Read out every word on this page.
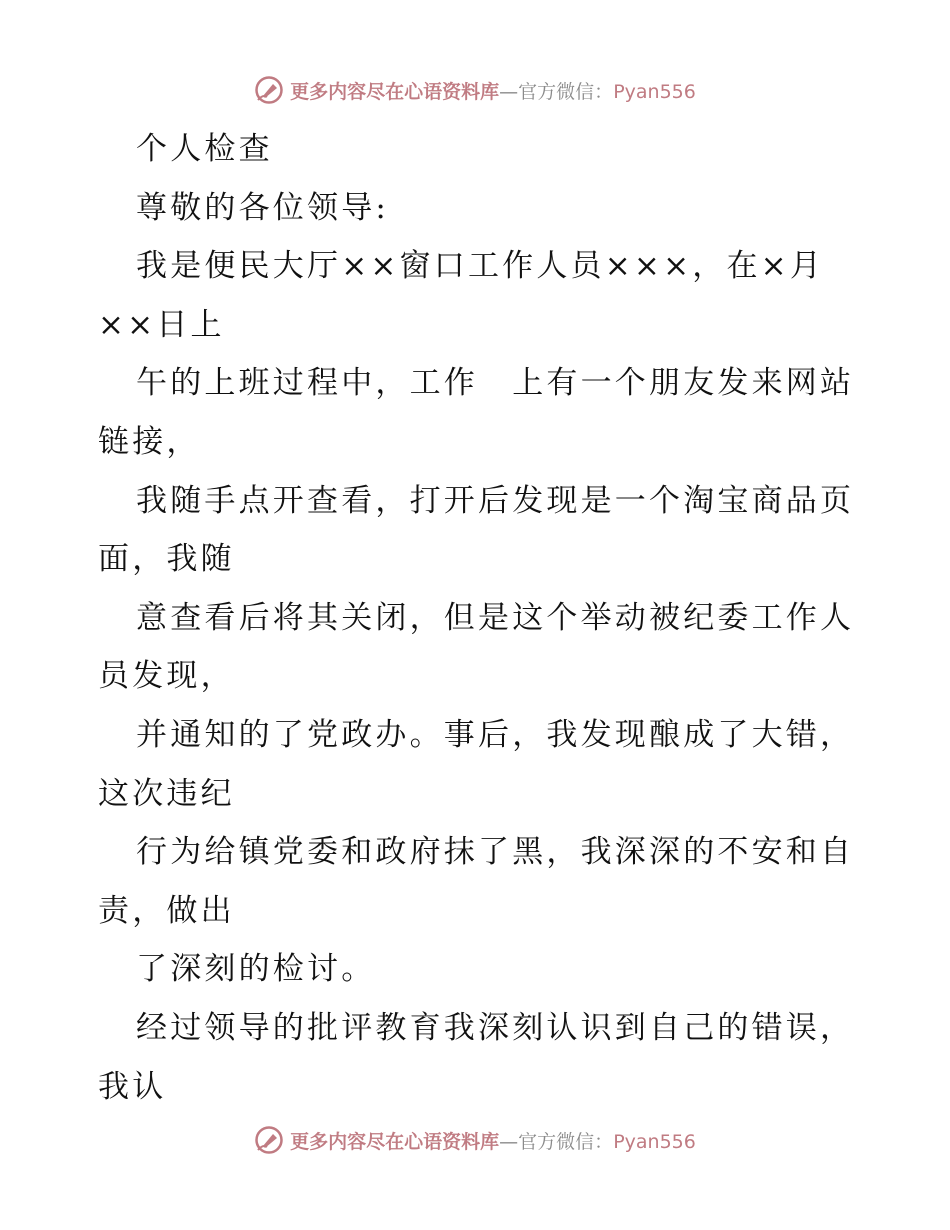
更多内容尽在心语资料库—官方微信：Pyan556
个人检查
尊敬的各位领导:
我是便民大厅××窗口工作人员×××，在×月
××日上
午的上班过程中，工作　上有一个朋友发来网站
链接，
我随手点开查看，打开后发现是一个淘宝商品页
面，我随
意查看后将其关闭，但是这个举动被纪委工作人
员发现，
并通知的了党政办。事后，我发现酿成了大错，
这次违纪
行为给镇党委和政府抹了黑，我深深的不安和自
责，做出
了深刻的检讨。
经过领导的批评教育我深刻认识到自己的错误，
我认
更多内容尽在心语资料库—官方微信：Pyan556
